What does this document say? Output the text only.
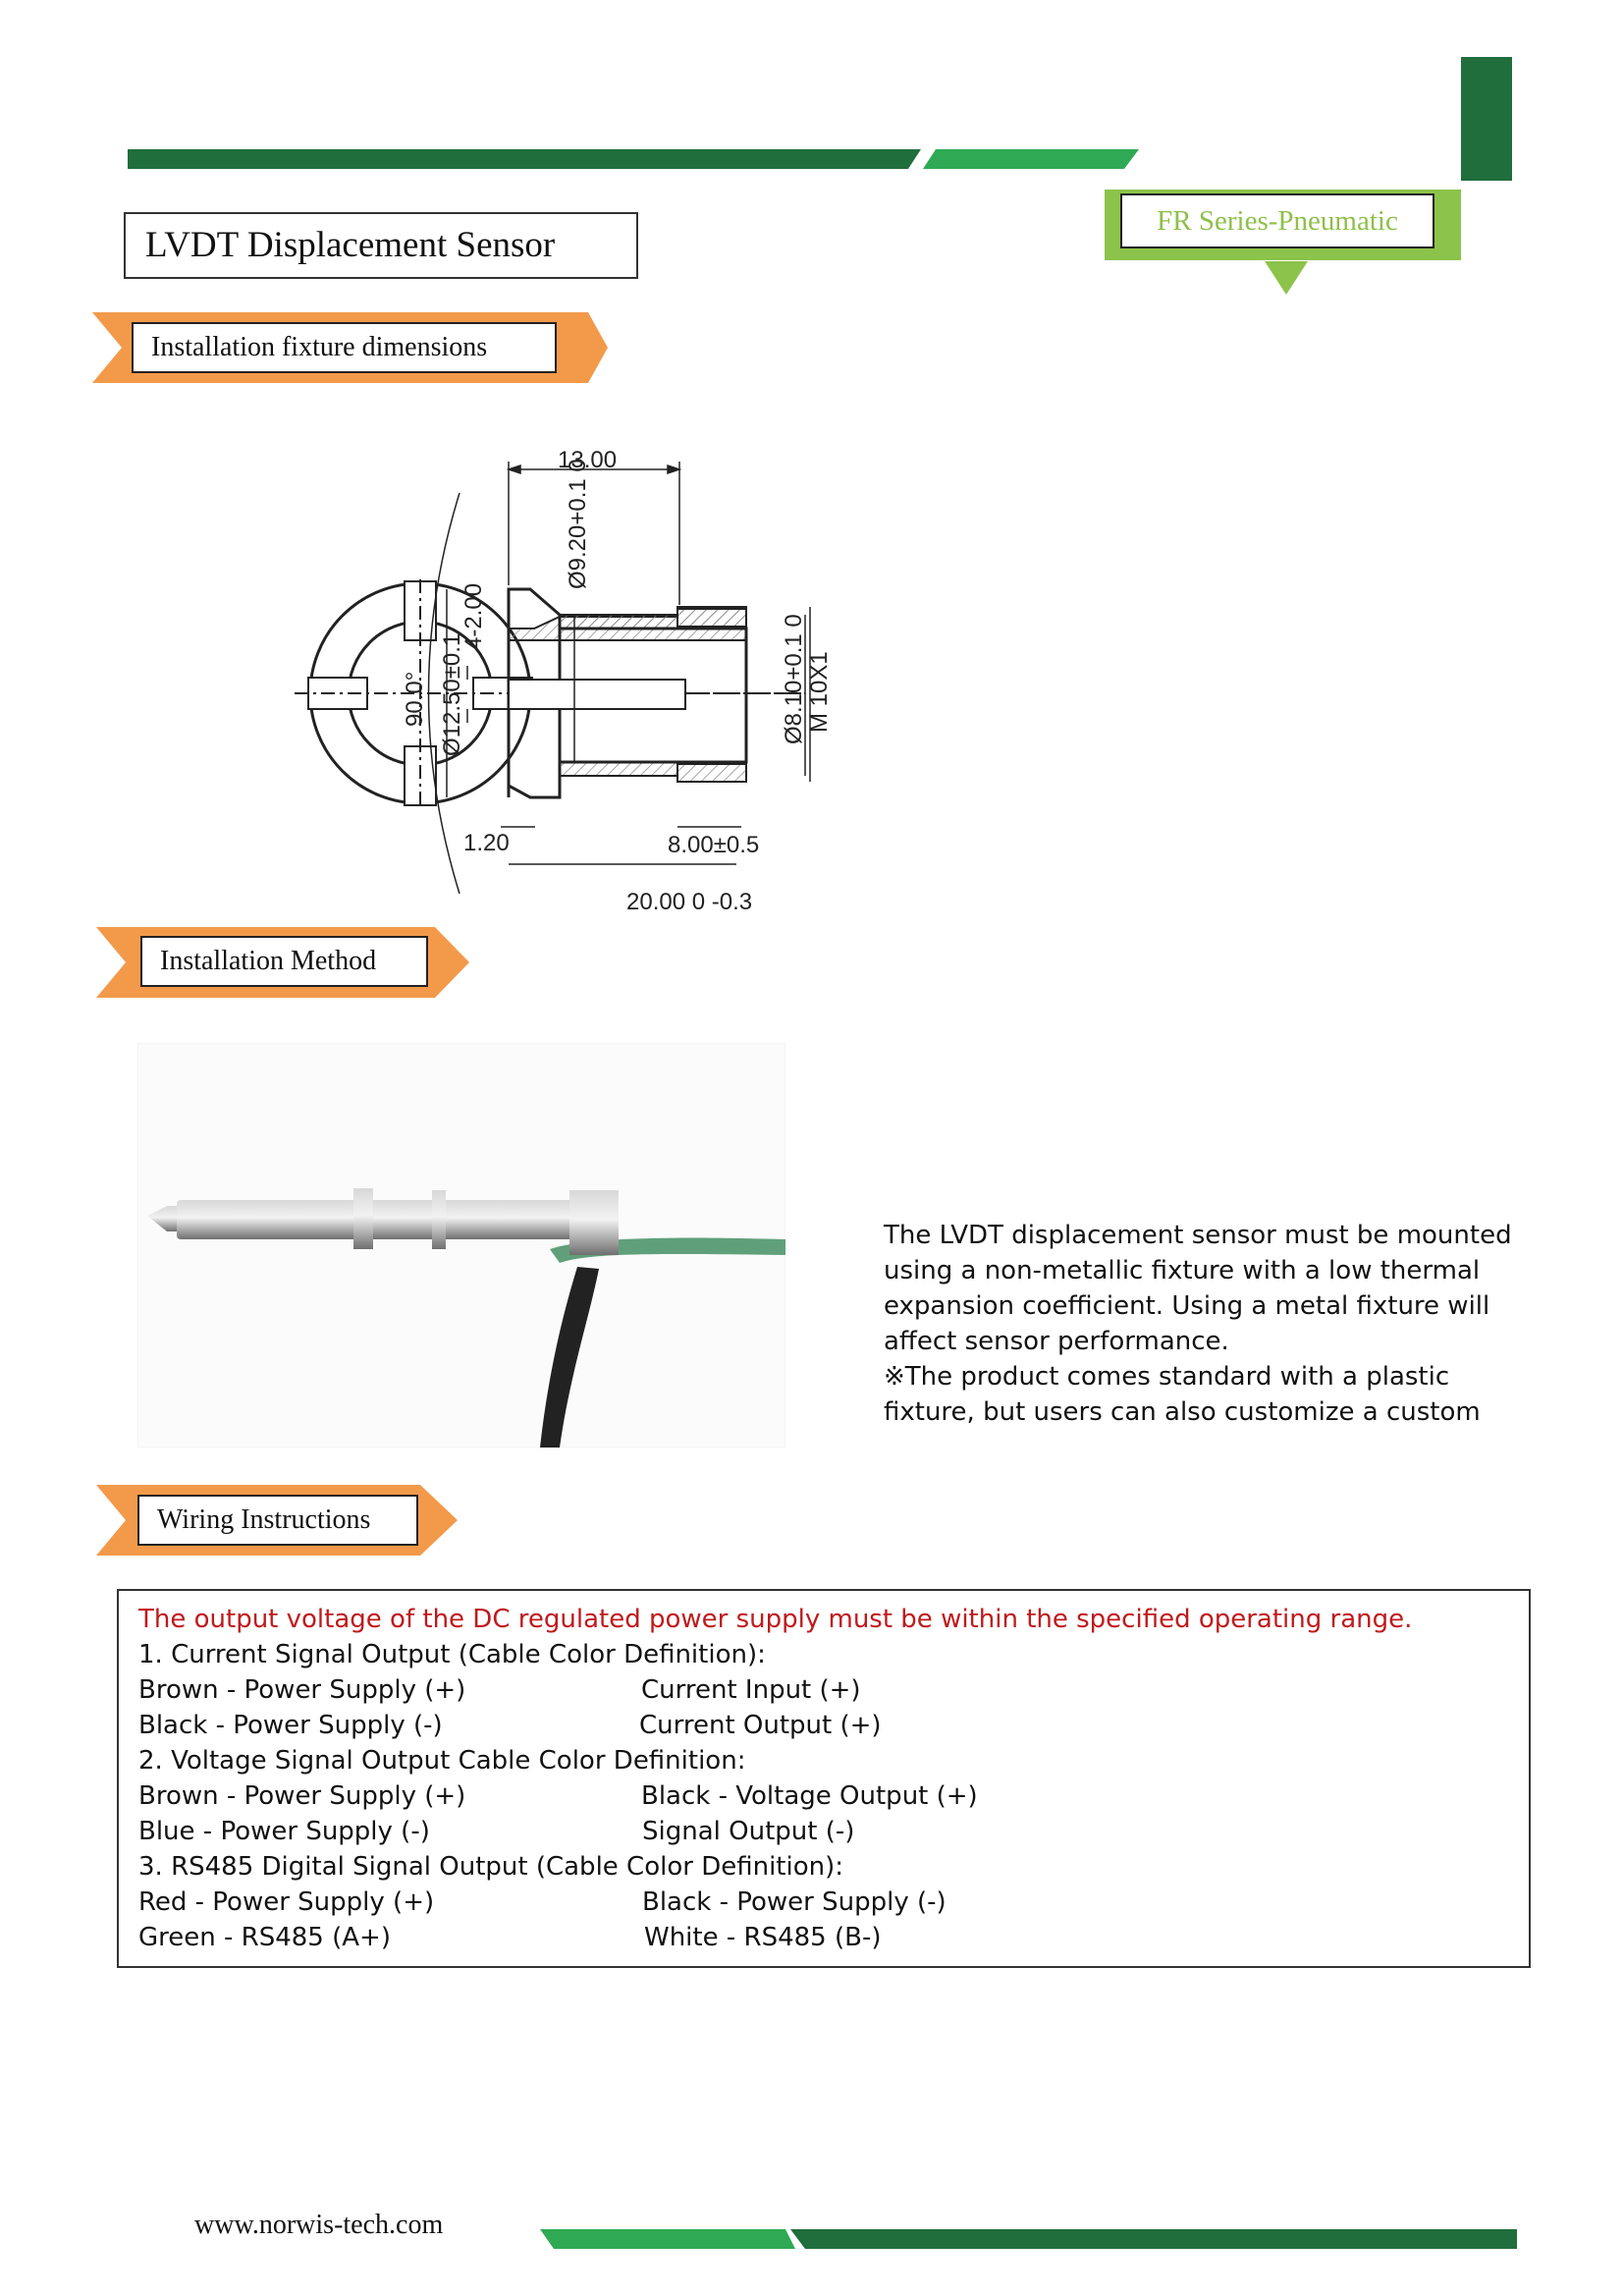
LVDT Displacement Sensor
FR Series-Pneumatic
Installation fixture dimensions
13.00
Ø9.20+0.1 0
90.0° Ø12.50±0.1
4-2.00
1.20	8.00±0.5
20.00 0 -0.3
Ø8.10+0.1 0 M 10X1
Installation Method

The LVDT displacement sensor must be mounted

using a non-metallic fixture with a low thermal

expansion coefficient. Using a metal fixture will

affect sensor performance.

※The product comes standard with a plastic

fixture, but users can also customize a custom

Wiring Instructions
The output voltage of the DC regulated power supply must be within the specified operating range.
1. Current Signal Output (Cable Color Definition):
Brown - Power Supply (+)	Current Input (+)
Black - Power Supply (-)	Current Output (+)
2. Voltage Signal Output Cable Color Definition:
Brown - Power Supply (+)	Black - Voltage Output (+)
Blue - Power Supply (-)	Signal Output (-)
3. RS485 Digital Signal Output (Cable Color Definition):
Red - Power Supply (+)	Black - Power Supply (-)
Green - RS485 (A+)	White - RS485 (B-)
www.norwis-tech.com
